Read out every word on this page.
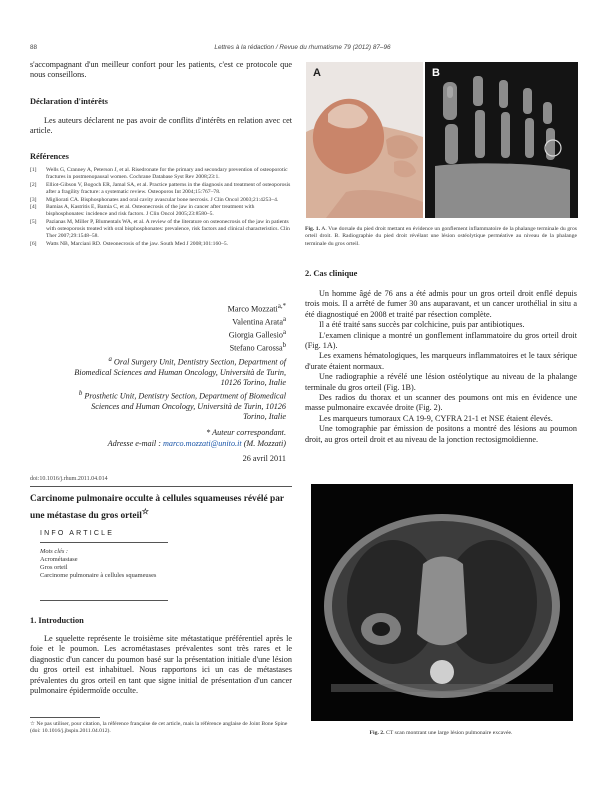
88	Lettres à la rédaction / Revue du rhumatisme 79 (2012) 87–96

s'accompagnant d'un meilleur confort pour les patients, c'est ce protocole que nous conseillons.

Déclaration d'intérêts

Les auteurs déclarent ne pas avoir de conflits d'intérêts en relation avec cet article.

Références
[1] Wells G, Cranney A, Peterson J, et al. Risedronate for the primary and secondary prevention of osteoporotic fractures in postmenopausal women. Cochrane Database Syst Rev 2008;23:1.
[2] Elliot-Gibson V, Bogoch ER, Jamal SA, et al. Practice patterns in the diagnosis and treatment of osteoporosis after a fragility fracture: a systematic review. Osteoporos Int 2004;15:767–78.
[3] Migliorati CA. Bisphosphonates and oral cavity avascular bone necrosis. J Clin Oncol 2003;21:4253–4.
[4] Bamias A, Kastritis E, Bamia C, et al. Osteonecrosis of the jaw in cancer after treatment with bisphosphonates: incidence and risk factors. J Clin Oncol 2005;23:8580–5.
[5] Pazianas M, Miller P, Blumentals WA, et al. A review of the literature on osteonecrosis of the jaw in patients with osteoporosis treated with oral bisphosphonates: prevalence, risk factors and clinical characteristics. Clin Ther 2007;29:1548–58.
[6] Watts NB, Marciani RD. Osteonecrosis of the jaw. South Med J 2008;101:160–5.
Marco Mozzati$^{a,*}$
Valentina Arata$^a$
Giorgia Gallesio$^a$
Stefano Carossa$^b$
$^a$ Oral Surgery Unit, Dentistry Section, Department of Biomedical Sciences and Human Oncology, Università de Turin, 10126 Torino, Italie
$^b$ Prosthetic Unit, Dentistry Section, Department of Biomedical Sciences and Human Oncology, Università de Turin, 10126 Torino, Italie
* Auteur correspondant.
Adresse e-mail : marco.mozzati@unito.it (M. Mozzati)
26 avril 2011
doi:10.1016/j.rhum.2011.04.014
Carcinome pulmonaire occulte à cellules squameuses révélé par une métastase du gros orteil☆
INFO ARTICLE
Mots clés :
Acrométastase
Gros orteil
Carcinome pulmonaire à cellules squameuses
1. Introduction

Le squelette représente le troisième site métastatique préférentiel après le foie et le poumon. Les acrométastases prévalentes sont très rares et le diagnostic d'un cancer du poumon basé sur la présentation initiale d'une lésion du gros orteil est inhabituel. Nous rapportons ici un cas de métastases prévalentes du gros orteil en tant que signe initial de présentation d'un cancer pulmonaire épidermoïde occulte.

☆ Ne pas utiliser, pour citation, la référence française de cet article, mais la référence anglaise de Joint Bone Spine (doi: 10.1016/j.jbspin.2011.04.012).
A	B
Fig. 1. A. Vue dorsale du pied droit mettant en évidence un gonflement inflammatoire de la phalange terminale du gros orteil droit. B. Radiographie du pied droit révélant une lésion ostéolytique perméative au niveau de la phalange terminale du gros orteil.
2. Cas clinique

Un homme âgé de 76 ans a été admis pour un gros orteil droit enflé depuis trois mois. Il a arrêté de fumer 30 ans auparavant, et un cancer urothélial in situ a été diagnostiqué en 2008 et traité par résection complète.

Il a été traité sans succès par colchicine, puis par antibiotiques.

L'examen clinique a montré un gonflement inflammatoire du gros orteil droit (Fig. 1A).

Les examens hématologiques, les marqueurs inflammatoires et le taux sérique d'urate étaient normaux.

Une radiographie a révélé une lésion ostéolytique au niveau de la phalange terminale du gros orteil (Fig. 1B).

Des radios du thorax et un scanner des poumons ont mis en évidence une masse pulmonaire excavée droite (Fig. 2).

Les marqueurs tumoraux CA 19-9, CYFRA 21-1 et NSE étaient élevés.

Une tomographie par émission de positons a montré des lésions au poumon droit, au gros orteil droit et au niveau de la jonction rectosigmoïdienne.

Fig. 2. CT scan montrant une large lésion pulmonaire excavée.
